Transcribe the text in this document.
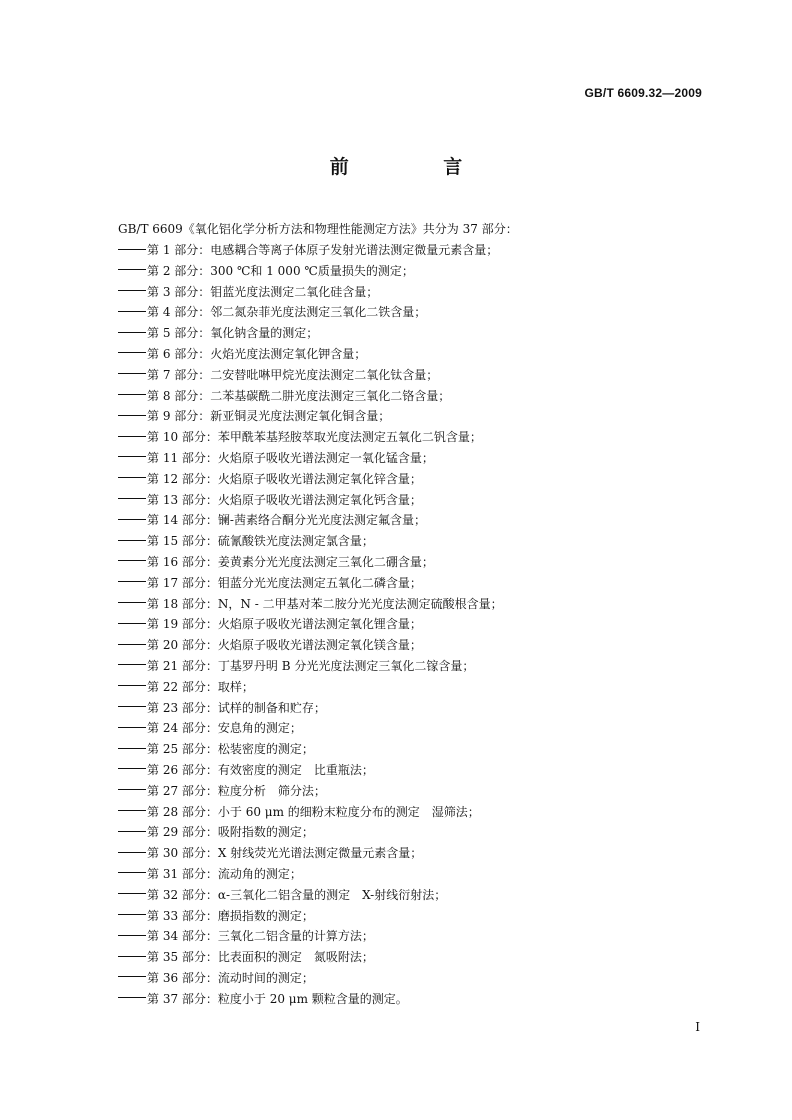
GB/T 6609.32—2009
前 言
GB/T 6609《氧化铝化学分析方法和物理性能测定方法》共分为 37 部分：
第 1 部分：电感耦合等离子体原子发射光谱法测定微量元素含量；
第 2 部分：300 ℃和 1 000 ℃质量损失的测定；
第 3 部分：钼蓝光度法测定二氧化硅含量；
第 4 部分：邻二氮杂菲光度法测定三氧化二铁含量；
第 5 部分：氧化钠含量的测定；
第 6 部分：火焰光度法测定氧化钾含量；
第 7 部分：二安替吡啉甲烷光度法测定二氧化钛含量；
第 8 部分：二苯基碳酰二肼光度法测定三氧化二铬含量；
第 9 部分：新亚铜灵光度法测定氧化铜含量；
第 10 部分：苯甲酰苯基羟胺萃取光度法测定五氧化二钒含量；
第 11 部分：火焰原子吸收光谱法测定一氧化锰含量；
第 12 部分：火焰原子吸收光谱法测定氧化锌含量；
第 13 部分：火焰原子吸收光谱法测定氧化钙含量；
第 14 部分：镧-茜素络合酮分光光度法测定氟含量；
第 15 部分：硫氰酸铁光度法测定氯含量；
第 16 部分：姜黄素分光光度法测定三氧化二硼含量；
第 17 部分：钼蓝分光光度法测定五氧化二磷含量；
第 18 部分：N，N - 二甲基对苯二胺分光光度法测定硫酸根含量；
第 19 部分：火焰原子吸收光谱法测定氧化锂含量；
第 20 部分：火焰原子吸收光谱法测定氧化镁含量；
第 21 部分：丁基罗丹明 B 分光光度法测定三氧化二镓含量；
第 22 部分：取样；
第 23 部分：试样的制备和贮存；
第 24 部分：安息角的测定；
第 25 部分：松装密度的测定；
第 26 部分：有效密度的测定　比重瓶法；
第 27 部分：粒度分析　筛分法；
第 28 部分：小于 60 μm 的细粉末粒度分布的测定　湿筛法；
第 29 部分：吸附指数的测定；
第 30 部分：X 射线荧光光谱法测定微量元素含量；
第 31 部分：流动角的测定；
第 32 部分：α-三氧化二铝含量的测定　X-射线衍射法；
第 33 部分：磨损指数的测定；
第 34 部分：三氧化二铝含量的计算方法；
第 35 部分：比表面积的测定　氮吸附法；
第 36 部分：流动时间的测定；
第 37 部分：粒度小于 20 μm 颗粒含量的测定。
I
